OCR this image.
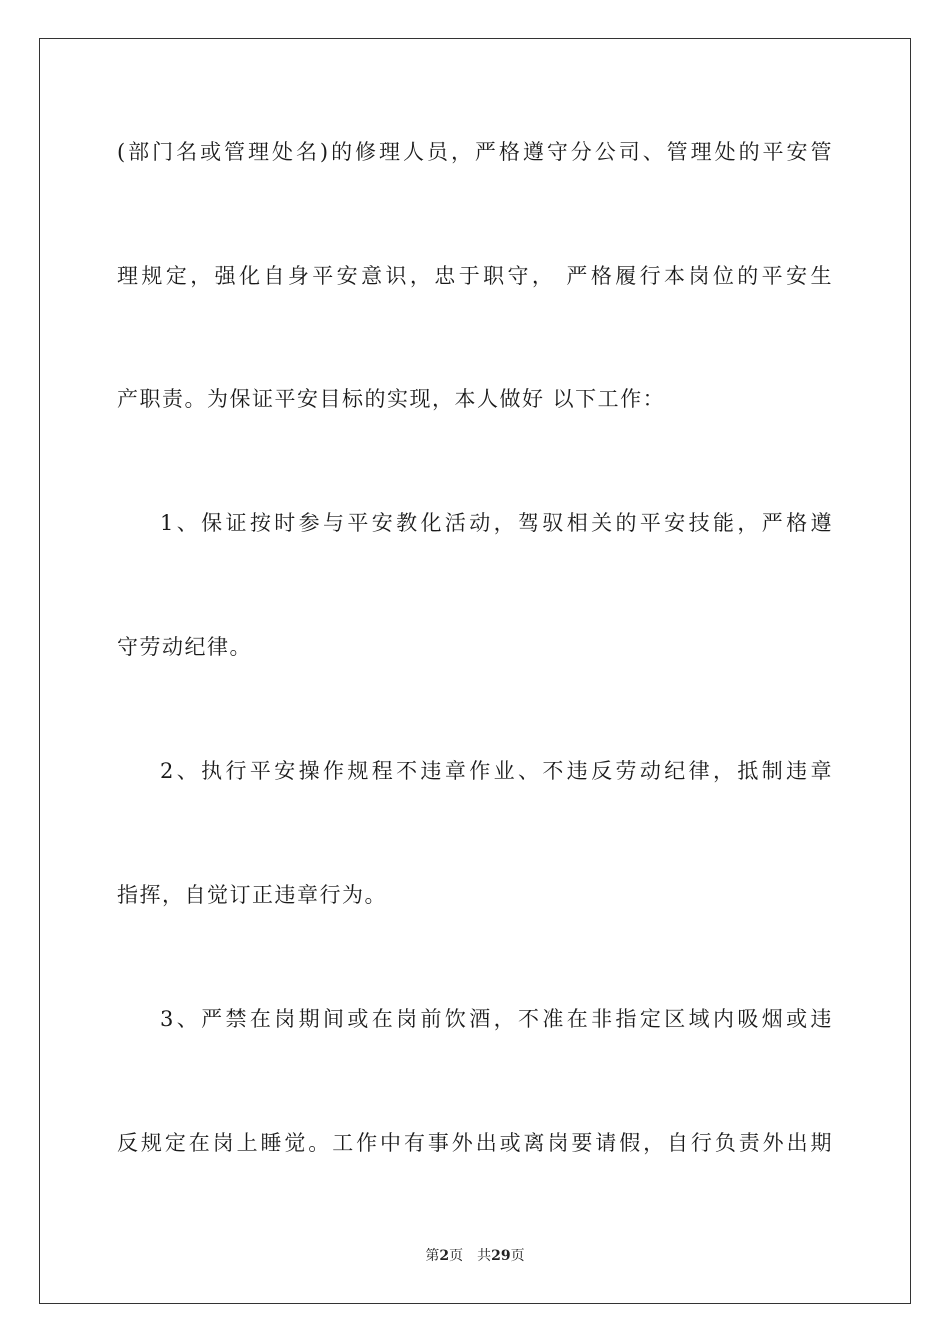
(部门名或管理处名)的修理人员，严格遵守分公司、管理处的平安管
理规定，强化自身平安意识，忠于职守， 严格履行本岗位的平安生
产职责。为保证平安目标的实现，本人做好 以下工作：
1、保证按时参与平安教化活动，驾驭相关的平安技能，严格遵
守劳动纪律。
2、执行平安操作规程不违章作业、不违反劳动纪律，抵制违章
指挥，自觉订正违章行为。
3、严禁在岗期间或在岗前饮酒，不准在非指定区域内吸烟或违
反规定在岗上睡觉。工作中有事外出或离岗要请假，自行负责外出期
第2页 共29页
